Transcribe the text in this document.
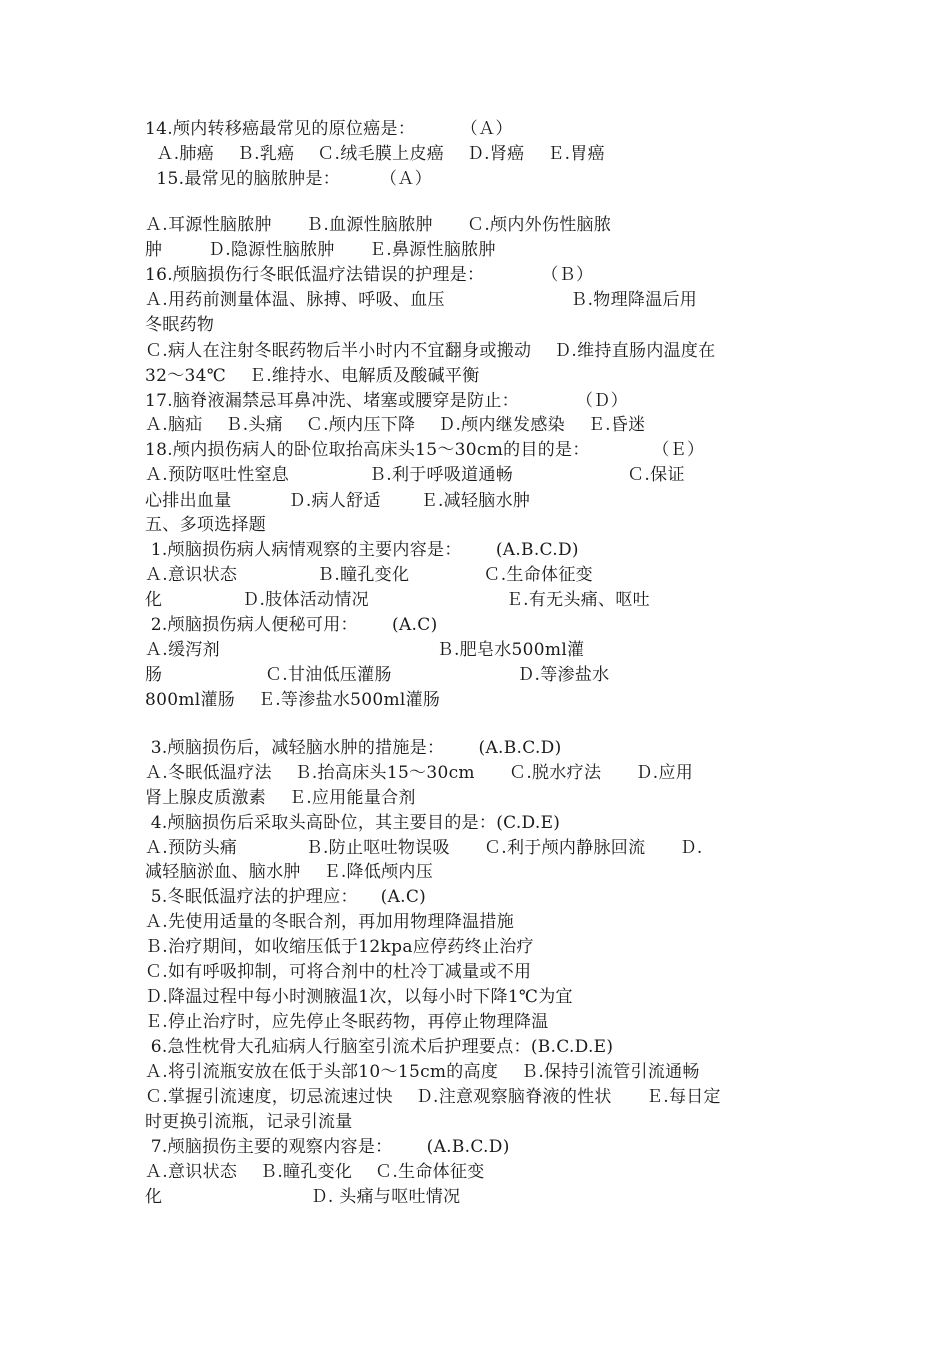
14.颅内转移癌最常见的原位癌是：        （Ａ）
Ａ.肺癌    Ｂ.乳癌    Ｃ.绒毛膜上皮癌    Ｄ.肾癌    Ｅ.胃癌
15.最常见的脑脓肿是：       （Ａ）
Ａ.耳源性脑脓肿      Ｂ.血源性脑脓肿      Ｃ.颅内外伤性脑脓
肿        Ｄ.隐源性脑脓肿      Ｅ.鼻源性脑脓肿
16.颅脑损伤行冬眠低温疗法错误的护理是：          （Ｂ）
Ａ.用药前测量体温、脉搏、呼吸、血压                      Ｂ.物理降温后用
冬眠药物
Ｃ.病人在注射冬眠药物后半小时内不宜翻身或搬动    Ｄ.维持直肠内温度在
32～34℃    Ｅ.维持水、电解质及酸碱平衡
17.脑脊液漏禁忌耳鼻冲洗、堵塞或腰穿是防止：          （Ｄ）
Ａ.脑疝    Ｂ.头痛    Ｃ.颅内压下降    Ｄ.颅内继发感染    Ｅ.昏迷
18.颅内损伤病人的卧位取抬高床头15～30cm的目的是：           （Ｅ）
Ａ.预防呕吐性窒息              Ｂ.利于呼吸道通畅                    Ｃ.保证
心排出血量          Ｄ.病人舒适       Ｅ.减轻脑水肿
五、多项选择题
1.颅脑损伤病人病情观察的主要内容是：      (A.B.C.D)
Ａ.意识状态              Ｂ.瞳孔变化             Ｃ.生命体征变
化              Ｄ.肢体活动情况                        Ｅ.有无头痛、呕吐
2.颅脑损伤病人便秘可用：      (A.C)
Ａ.缓泻剂                                      Ｂ.肥皂水500ml灌
肠                  Ｃ.甘油低压灌肠                      Ｄ.等渗盐水
800ml灌肠    Ｅ.等渗盐水500ml灌肠
3.颅脑损伤后，减轻脑水肿的措施是：      (A.B.C.D)
Ａ.冬眠低温疗法    Ｂ.抬高床头15～30cm      Ｃ.脱水疗法      Ｄ.应用
肾上腺皮质激素    Ｅ.应用能量合剂
4.颅脑损伤后采取头高卧位，其主要目的是：(C.D.E)
Ａ.预防头痛            Ｂ.防止呕吐物误吸      Ｃ.利于颅内静脉回流      Ｄ.
减轻脑淤血、脑水肿    Ｅ.降低颅内压
5.冬眠低温疗法的护理应：    (A.C)
Ａ.先使用适量的冬眠合剂，再加用物理降温措施
Ｂ.治疗期间，如收缩压低于12kpa应停药终止治疗
Ｃ.如有呼吸抑制，可将合剂中的杜冷丁减量或不用
Ｄ.降温过程中每小时测腋温1次，以每小时下降1℃为宜
Ｅ.停止治疗时，应先停止冬眠药物，再停止物理降温
6.急性枕骨大孔疝病人行脑室引流术后护理要点：(B.C.D.E)
Ａ.将引流瓶安放在低于头部10～15cm的高度    Ｂ.保持引流管引流通畅
Ｃ.掌握引流速度，切忌流速过快    Ｄ.注意观察脑脊液的性状      Ｅ.每日定
时更换引流瓶，记录引流量
7.颅脑损伤主要的观察内容是：      (A.B.C.D)
Ａ.意识状态    Ｂ.瞳孔变化    Ｃ.生命体征变
化                          Ｄ. 头痛与呕吐情况
